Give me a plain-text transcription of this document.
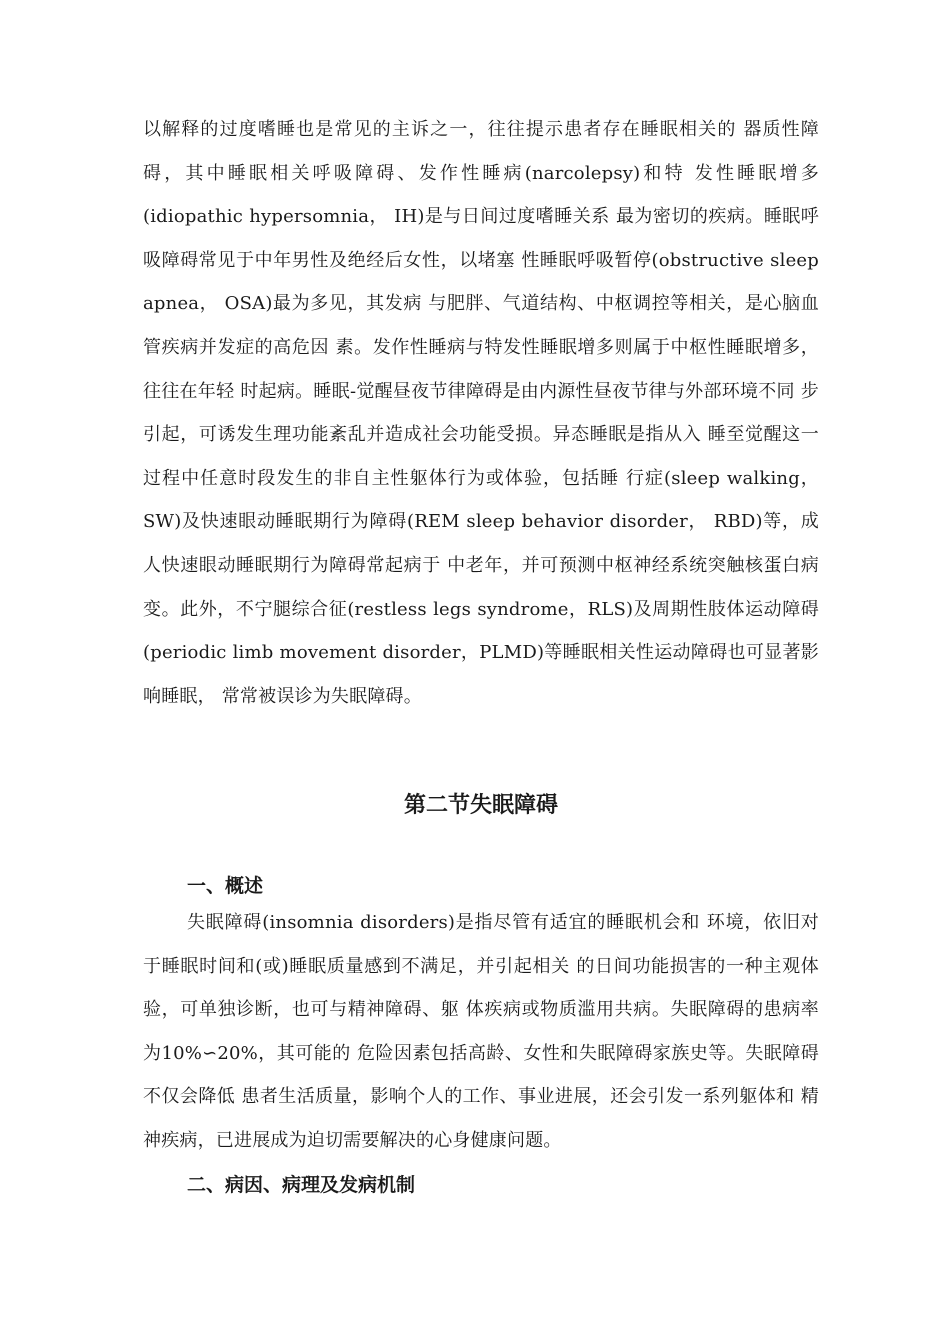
以解释的过度嗜睡也是常见的主诉之一，往往提示患者存在睡眠相关的 器质性障碍，其中睡眠相关呼吸障碍、发作性睡病(narcolepsy)和特 发性睡眠增多(idiopathic hypersomnia， IH)是与日间过度嗜睡关系 最为密切的疾病。睡眠呼吸障碍常见于中年男性及绝经后女性，以堵塞 性睡眠呼吸暂停(obstructive sleep apnea， OSA)最为多见，其发病 与肥胖、气道结构、中枢调控等相关，是心脑血管疾病并发症的高危因 素。发作性睡病与特发性睡眠增多则属于中枢性睡眠增多，往往在年轻 时起病。睡眠-觉醒昼夜节律障碍是由内源性昼夜节律与外部环境不同 步引起，可诱发生理功能紊乱并造成社会功能受损。异态睡眠是指从入 睡至觉醒这一过程中任意时段发生的非自主性躯体行为或体验，包括睡 行症(sleep walking， SW)及快速眼动睡眠期行为障碍(REM sleep behavior disorder， RBD)等，成人快速眼动睡眠期行为障碍常起病于 中老年，并可预测中枢神经系统突触核蛋白病变。此外，不宁腿综合征(restless legs syndrome，RLS)及周期性肢体运动障碍(periodic limb movement disorder，PLMD)等睡眠相关性运动障碍也可显著影响睡眠， 常常被误诊为失眠障碍。

第二节失眠障碍
一、概述

失眠障碍(insomnia disorders)是指尽管有适宜的睡眠机会和 环境，依旧对于睡眠时间和(或)睡眠质量感到不满足，并引起相关 的日间功能损害的一种主观体验，可单独诊断，也可与精神障碍、躯 体疾病或物质滥用共病。失眠障碍的患病率为10%∽20%，其可能的 危险因素包括高龄、女性和失眠障碍家族史等。失眠障碍不仅会降低 患者生活质量，影响个人的工作、事业进展，还会引发一系列躯体和 精神疾病，已进展成为迫切需要解决的心身健康问题。

二、病因、病理及发病机制
